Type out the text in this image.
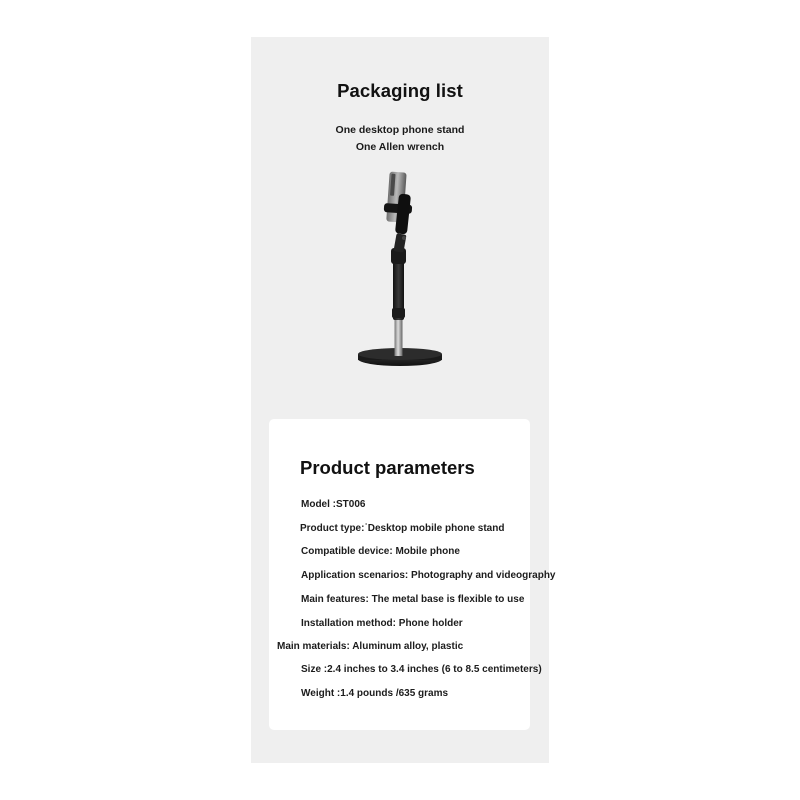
Packaging list
One desktop phone stand
One Allen wrench
Product parameters
Model :ST006
Product type:˙Desktop mobile phone stand
Compatible device: Mobile phone
Application scenarios: Photography and videography
Main features: The metal base is flexible to use
Installation method: Phone holder
Main materials: Aluminum alloy, plastic
Size :2.4 inches to 3.4 inches (6 to 8.5 centimeters)
Weight :1.4 pounds /635 grams
